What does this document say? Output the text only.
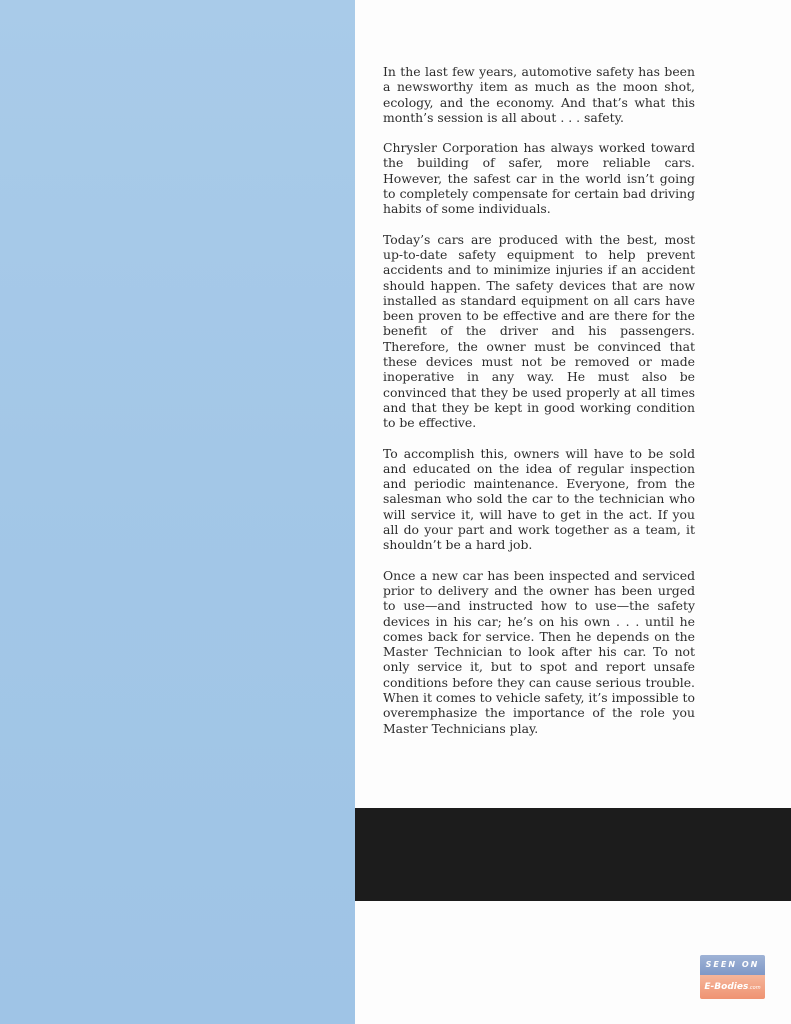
In the last few years, automotive safety has been a newsworthy item as much as the moon shot, ecology, and the economy. And that’s what this month’s session is all about . . . safety.

Chrysler Corporation has always worked toward the building of safer, more reliable cars. However, the safest car in the world isn’t going to completely compensate for certain bad driving habits of some individuals.

Today’s cars are produced with the best, most up-to-date safety equipment to help prevent accidents and to minimize injuries if an accident should happen. The safety devices that are now installed as standard equipment on all cars have been proven to be effective and are there for the benefit of the driver and his passengers. Therefore, the owner must be convinced that these devices must not be removed or made inoperative in any way. He must also be convinced that they be used properly at all times and that they be kept in good working condition to be effective.

To accomplish this, owners will have to be sold and educated on the idea of regular inspection and periodic maintenance. Everyone, from the salesman who sold the car to the technician who will service it, will have to get in the act. If you all do your part and work together as a team, it shouldn’t be a hard job.

Once a new car has been inspected and serviced prior to delivery and the owner has been urged to use—and instructed how to use—the safety devices in his car; he’s on his own . . . until he comes back for service. Then he depends on the Master Technician to look after his car. To not only service it, but to spot and report unsafe conditions before they can cause serious trouble. When it comes to vehicle safety, it’s impossible to overemphasize the importance of the role you Master Technicians play.

SEEN ON
E-Bodies.com
